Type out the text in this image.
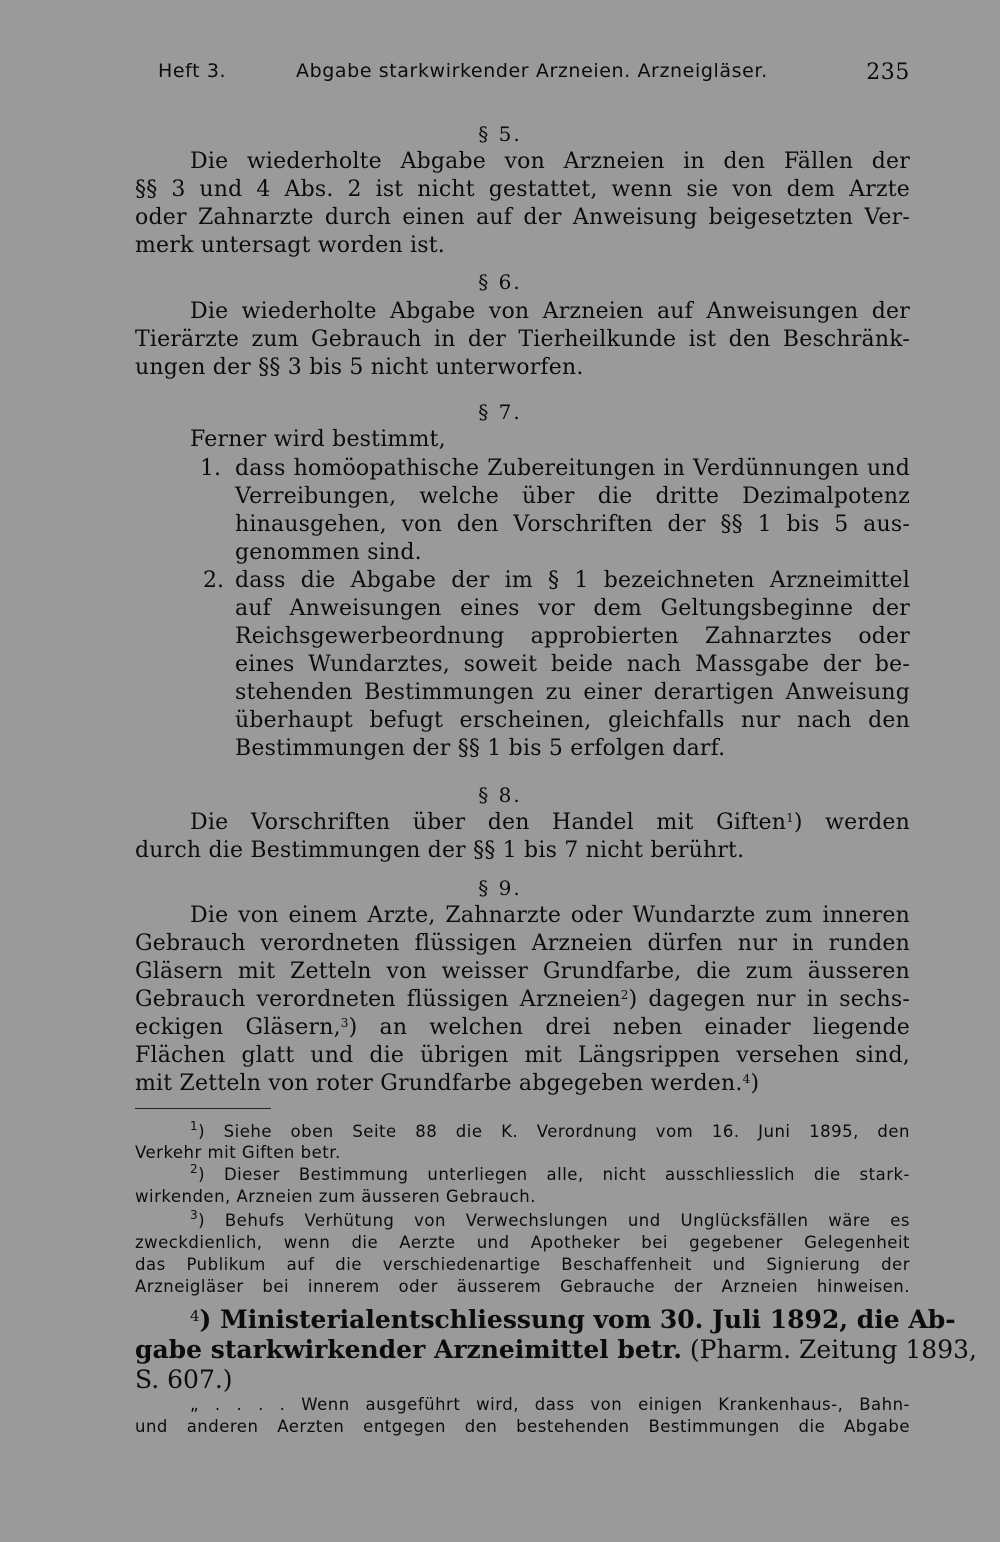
Heft 3.	Abgabe starkwirkender Arzneien. Arzneigläser.	235
§ 5.
Die wiederholte Abgabe von Arzneien in den Fällen der
§§ 3 und 4 Abs. 2 ist nicht gestattet, wenn sie von dem Arzte
oder Zahnarzte durch einen auf der Anweisung beigesetzten Ver-
merk untersagt worden ist.
§ 6.
Die wiederholte Abgabe von Arzneien auf Anweisungen der
Tierärzte zum Gebrauch in der Tierheilkunde ist den Beschränk-
ungen der §§ 3 bis 5 nicht unterworfen.
§ 7.
Ferner wird bestimmt,
1. dass homöopathische Zubereitungen in Verdünnungen und
Verreibungen, welche über die dritte Dezimalpotenz
hinausgehen, von den Vorschriften der §§ 1 bis 5 aus-
genommen sind.
2. dass die Abgabe der im § 1 bezeichneten Arzneimittel
auf Anweisungen eines vor dem Geltungsbeginne der
Reichsgewerbeordnung approbierten Zahnarztes oder
eines Wundarztes, soweit beide nach Massgabe der be-
stehenden Bestimmungen zu einer derartigen Anweisung
überhaupt befugt erscheinen, gleichfalls nur nach den
Bestimmungen der §§ 1 bis 5 erfolgen darf.
§ 8.
Die Vorschriften über den Handel mit Giften$^1$) werden
durch die Bestimmungen der §§ 1 bis 7 nicht berührt.
§ 9.
Die von einem Arzte, Zahnarzte oder Wundarzte zum inneren
Gebrauch verordneten flüssigen Arzneien dürfen nur in runden
Gläsern mit Zetteln von weisser Grundfarbe, die zum äusseren
Gebrauch verordneten flüssigen Arzneien$^2$) dagegen nur in sechs-
eckigen Gläsern,$^3$) an welchen drei neben einader liegende
Flächen glatt und die übrigen mit Längsrippen versehen sind,
mit Zetteln von roter Grundfarbe abgegeben werden.$^4$)
$^1$) Siehe oben Seite 88 die K. Verordnung vom 16. Juni 1895, den
Verkehr mit Giften betr.
$^2$) Dieser Bestimmung unterliegen alle, nicht ausschliesslich die stark-
wirkenden, Arzneien zum äusseren Gebrauch.
$^3$) Behufs Verhütung von Verwechslungen und Unglücksfällen wäre es
zweckdienlich, wenn die Aerzte und Apotheker bei gegebener Gelegenheit
das Publikum auf die verschiedenartige Beschaffenheit und Signierung der
Arzneigläser bei innerem oder äusserem Gebrauche der Arzneien hinweisen.
$^4$) Ministerialentschliessung vom 30. Juli 1892, die Ab-
gabe starkwirkender Arzneimittel betr. (Pharm. Zeitung 1893,
S. 607.)
„ . . . . Wenn ausgeführt wird, dass von einigen Krankenhaus-, Bahn-
und anderen Aerzten entgegen den bestehenden Bestimmungen die Abgabe
